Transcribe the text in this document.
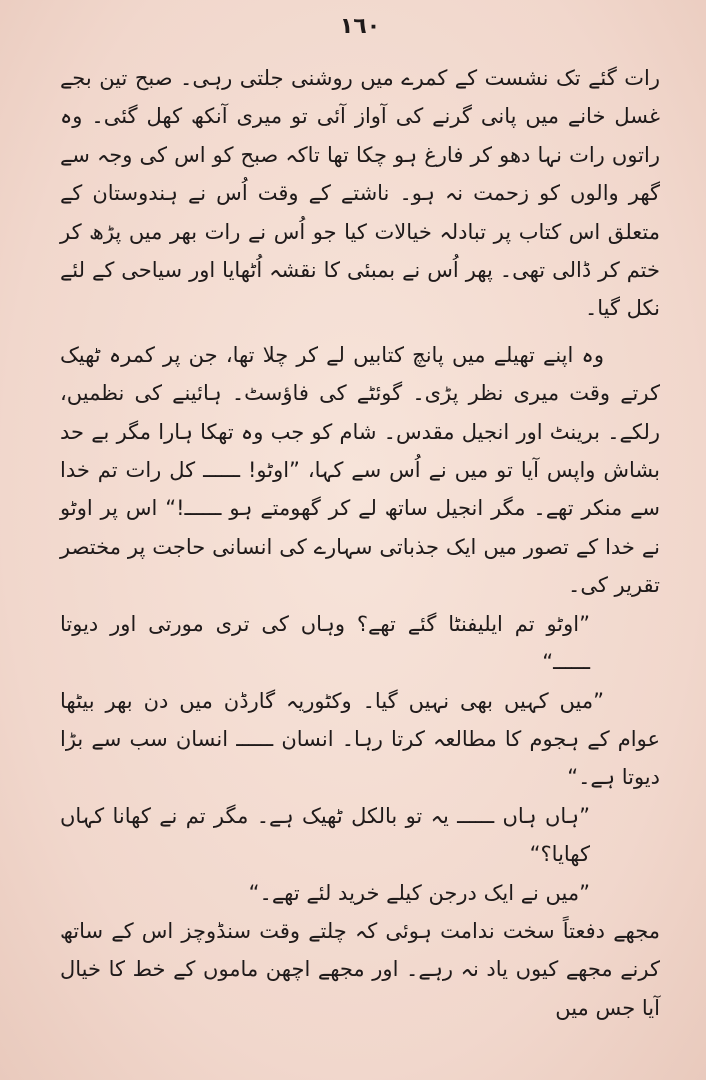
١٦٠

رات گئے تک نشست کے کمرے میں روشنی جلتی رہی۔ صبح تین بجے غسل خانے میں پانی گرنے کی آواز آئی تو میری آنکھ کھل گئی۔ وہ راتوں رات نہا دھو کر فارغ ہو چکا تھا تاکہ صبح کو اس کی وجہ سے گھر والوں کو زحمت نہ ہو۔ ناشتے کے وقت اُس نے ہندوستان کے متعلق اس کتاب پر تبادلہ خیالات کیا جو اُس نے رات بھر میں پڑھ کر ختم کر ڈالی تھی۔ پھر اُس نے بمبئی کا نقشہ اُٹھایا اور سیاحی کے لئے نکل گیا۔

وہ اپنے تھیلے میں پانچ کتابیں لے کر چلا تھا، جن پر کمرہ ٹھیک کرتے وقت میری نظر پڑی۔ گوئٹے کی فاؤسٹ۔ ہائینے کی نظمیں، رلکے۔ برینٹ اور انجیل مقدس۔ شام کو جب وہ تھکا ہارا مگر بے حد بشاش واپس آیا تو میں نے اُس سے کہا، ”اوٹو! ــــــ کل رات تم خدا سے منکر تھے۔ مگر انجیل ساتھ لے کر گھومتے ہو ــــــ!“ اس پر اوٹو نے خدا کے تصور میں ایک جذباتی سہارے کی انسانی حاجت پر مختصر تقریر کی۔

”اوٹو تم ایلیفنٹا گئے تھے؟ وہاں کی تری مورتی اور دیوتا ــــــ“

”میں کہیں بھی نہیں گیا۔ وکٹوریہ گارڈن میں دن بھر بیٹھا عوام کے ہجوم کا مطالعہ کرتا رہا۔ انسان ــــــ انسان سب سے بڑا دیوتا ہے۔“

”ہاں ہاں ــــــ یہ تو بالکل ٹھیک ہے۔ مگر تم نے کھانا کہاں کھایا؟“

”میں نے ایک درجن کیلے خرید لئے تھے۔“

مجھے دفعتاً سخت ندامت ہوئی کہ چلتے وقت سنڈوچز اس کے ساتھ کرنے مجھے کیوں یاد نہ رہے۔ اور مجھے اچھن ماموں کے خط کا خیال آیا جس میں
